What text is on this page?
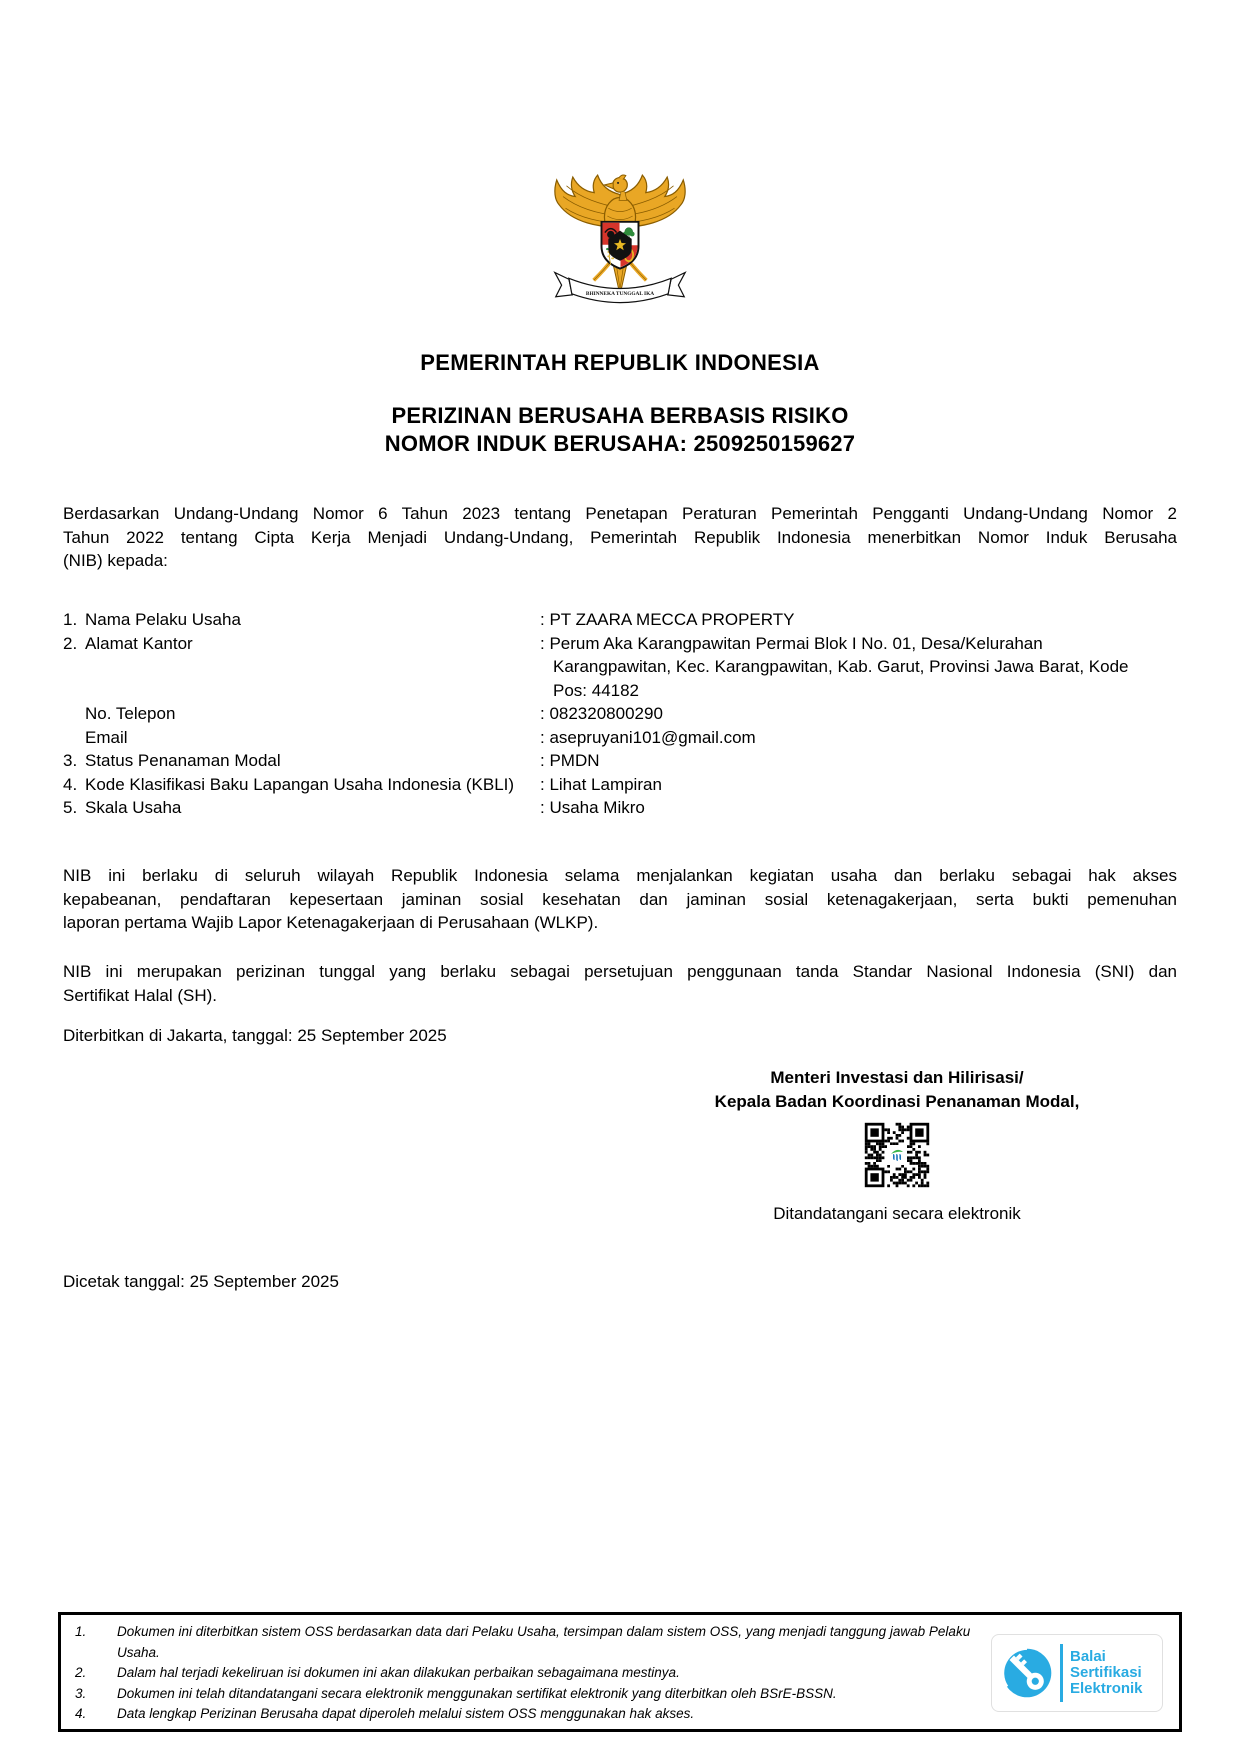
BHINNEKA TUNGGAL IKA
PEMERINTAH REPUBLIK INDONESIA
PERIZINAN BERUSAHA BERBASIS RISIKO
NOMOR INDUK BERUSAHA: 2509250159627
Berdasarkan Undang-Undang Nomor 6 Tahun 2023 tentang Penetapan Peraturan Pemerintah Pengganti Undang-Undang Nomor 2
Tahun 2022 tentang Cipta Kerja Menjadi Undang-Undang, Pemerintah Republik Indonesia menerbitkan Nomor Induk Berusaha
(NIB) kepada:
1. Nama Pelaku Usaha	: PT ZAARA MECCA PROPERTY
2. Alamat Kantor	: Perum Aka Karangpawitan Permai Blok I No. 01, Desa/Kelurahan Karangpawitan, Kec. Karangpawitan, Kab. Garut, Provinsi Jawa Barat, Kode Pos: 44182
No. Telepon	: 082320800290
Email	: asepruyani101@gmail.com
3. Status Penanaman Modal	: PMDN
4. Kode Klasifikasi Baku Lapangan Usaha Indonesia (KBLI)	: Lihat Lampiran
5. Skala Usaha	: Usaha Mikro
NIB ini berlaku di seluruh wilayah Republik Indonesia selama menjalankan kegiatan usaha dan berlaku sebagai hak akses
kepabeanan, pendaftaran kepesertaan jaminan sosial kesehatan dan jaminan sosial ketenagakerjaan, serta bukti pemenuhan
laporan pertama Wajib Lapor Ketenagakerjaan di Perusahaan (WLKP).
NIB ini merupakan perizinan tunggal yang berlaku sebagai persetujuan penggunaan tanda Standar Nasional Indonesia (SNI) dan
Sertifikat Halal (SH).
Diterbitkan di Jakarta, tanggal: 25 September 2025
Menteri Investasi dan Hilirisasi/
Kepala Badan Koordinasi Penanaman Modal,
Ditandatangani secara elektronik
Dicetak tanggal: 25 September 2025
Balai
Sertifikasi
Elektronik
1.	Dokumen ini diterbitkan sistem OSS berdasarkan data dari Pelaku Usaha, tersimpan dalam sistem OSS, yang menjadi tanggung jawab Pelaku Usaha.
2.	Dalam hal terjadi kekeliruan isi dokumen ini akan dilakukan perbaikan sebagaimana mestinya.
3.	Dokumen ini telah ditandatangani secara elektronik menggunakan sertifikat elektronik yang diterbitkan oleh BSrE-BSSN.
4.	Data lengkap Perizinan Berusaha dapat diperoleh melalui sistem OSS menggunakan hak akses.
